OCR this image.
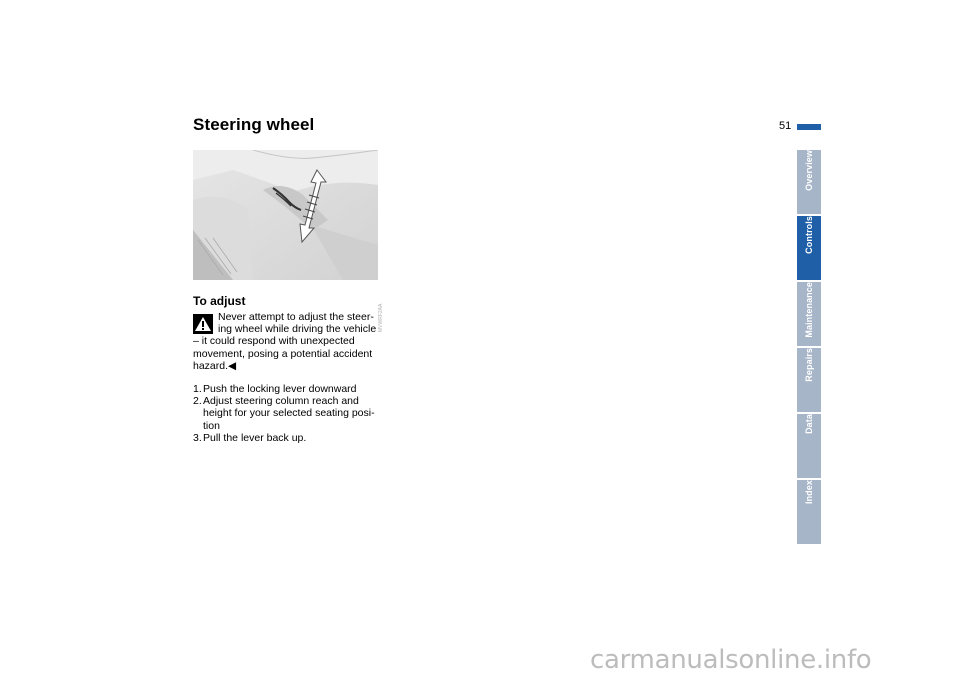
Steering wheel	51
MVWRF2AA
To adjust
Never attempt to adjust the steer-
ing wheel while driving the vehicle
– it could respond with unexpected
movement, posing a potential accident
hazard.◀
1. Push the locking lever downward
2. Adjust steering column reach and
height for your selected seating posi-
tion
3. Pull the lever back up.
Overview
Controls
Maintenance
Repairs
Data
Index
carmanualsonline.info
